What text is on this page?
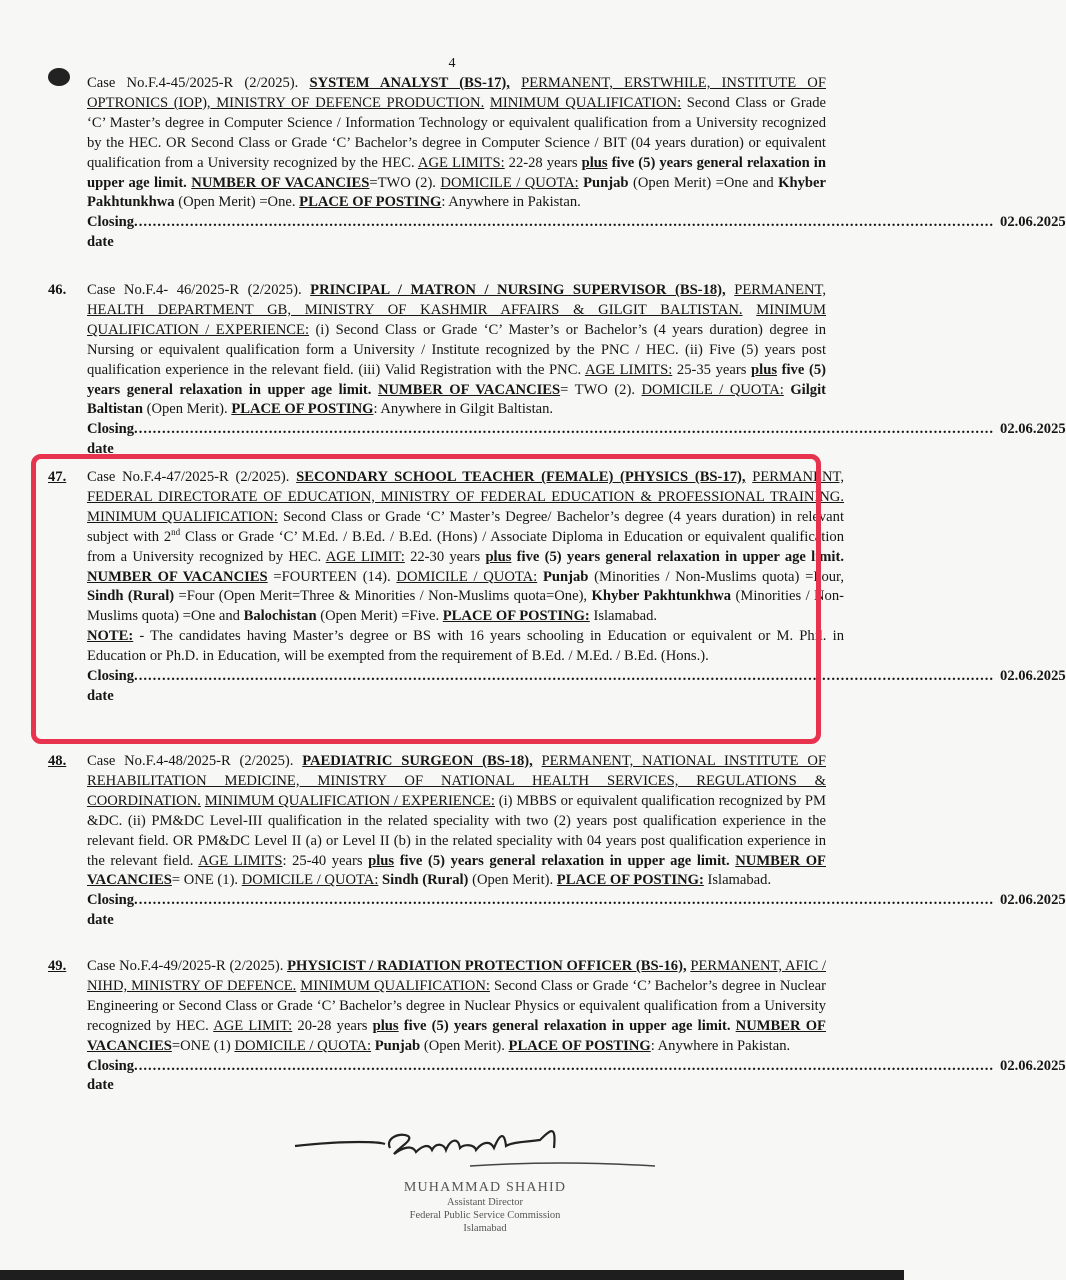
4
Case No.F.4-45/2025-R (2/2025). SYSTEM ANALYST (BS-17), PERMANENT, ERSTWHILE, INSTITUTE OF OPTRONICS (IOP), MINISTRY OF DEFENCE PRODUCTION. MINIMUM QUALIFICATION: Second Class or Grade ‘C’ Master’s degree in Computer Science / Information Technology or equivalent qualification from a University recognized by the HEC. OR Second Class or Grade ‘C’ Bachelor’s degree in Computer Science / BIT (04 years duration) or equivalent qualification from a University recognized by the HEC. AGE LIMITS: 22-28 years plus five (5) years general relaxation in upper age limit. NUMBER OF VACANCIES=TWO (2). DOMICILE / QUOTA: Punjab (Open Merit) =One and Khyber Pakhtunkhwa (Open Merit) =One. PLACE OF POSTING: Anywhere in Pakistan.
Closing date
......................................................................................................................................................................................... 02.06.2025
46. Case No.F.4- 46/2025-R (2/2025). PRINCIPAL / MATRON / NURSING SUPERVISOR (BS-18), PERMANENT, HEALTH DEPARTMENT GB, MINISTRY OF KASHMIR AFFAIRS & GILGIT BALTISTAN. MINIMUM QUALIFICATION / EXPERIENCE: (i) Second Class or Grade ‘C’ Master’s or Bachelor’s (4 years duration) degree in Nursing or equivalent qualification form a University / Institute recognized by the PNC / HEC. (ii) Five (5) years post qualification experience in the relevant field. (iii) Valid Registration with the PNC. AGE LIMITS: 25-35 years plus five (5) years general relaxation in upper age limit. NUMBER OF VACANCIES= TWO (2). DOMICILE / QUOTA: Gilgit Baltistan (Open Merit). PLACE OF POSTING: Anywhere in Gilgit Baltistan.
Closing date
......................................................................................................................................................................................... 02.06.2025
47. Case No.F.4-47/2025-R (2/2025). SECONDARY SCHOOL TEACHER (FEMALE) (PHYSICS (BS-17), PERMANENT, FEDERAL DIRECTORATE OF EDUCATION, MINISTRY OF FEDERAL EDUCATION & PROFESSIONAL TRAINING. MINIMUM QUALIFICATION: Second Class or Grade ‘C’ Master’s Degree/ Bachelor’s degree (4 years duration) in relevant subject with 2nd Class or Grade ‘C’ M.Ed. / B.Ed. / B.Ed. (Hons) / Associate Diploma in Education or equivalent qualification from a University recognized by HEC. AGE LIMIT: 22-30 years plus five (5) years general relaxation in upper age limit. NUMBER OF VACANCIES =FOURTEEN (14). DOMICILE / QUOTA: Punjab (Minorities / Non-Muslims quota) =Four, Sindh (Rural) =Four (Open Merit=Three & Minorities / Non-Muslims quota=One), Khyber Pakhtunkhwa (Minorities / Non-Muslims quota) =One and Balochistan (Open Merit) =Five. PLACE OF POSTING: Islamabad.
NOTE: - The candidates having Master’s degree or BS with 16 years schooling in Education or equivalent or M. Phil. in Education or Ph.D. in Education, will be exempted from the requirement of B.Ed. / M.Ed. / B.Ed. (Hons.).
Closing date
......................................................................................................................................................................................... 02.06.2025
48. Case No.F.4-48/2025-R (2/2025). PAEDIATRIC SURGEON (BS-18), PERMANENT, NATIONAL INSTITUTE OF REHABILITATION MEDICINE, MINISTRY OF NATIONAL HEALTH SERVICES, REGULATIONS & COORDINATION. MINIMUM QUALIFICATION / EXPERIENCE: (i) MBBS or equivalent qualification recognized by PM &DC. (ii) PM&DC Level-III qualification in the related speciality with two (2) years post qualification experience in the relevant field. OR PM&DC Level II (a) or Level II (b) in the related speciality with 04 years post qualification experience in the relevant field. AGE LIMITS: 25-40 years plus five (5) years general relaxation in upper age limit. NUMBER OF VACANCIES= ONE (1). DOMICILE / QUOTA: Sindh (Rural) (Open Merit). PLACE OF POSTING: Islamabad.
Closing date
......................................................................................................................................................................................... 02.06.2025
49. Case No.F.4-49/2025-R (2/2025). PHYSICIST / RADIATION PROTECTION OFFICER (BS-16), PERMANENT, AFIC / NIHD, MINISTRY OF DEFENCE. MINIMUM QUALIFICATION: Second Class or Grade ‘C’ Bachelor’s degree in Nuclear Engineering or Second Class or Grade ‘C’ Bachelor’s degree in Nuclear Physics or equivalent qualification from a University recognized by HEC. AGE LIMIT: 20-28 years plus five (5) years general relaxation in upper age limit. NUMBER OF VACANCIES=ONE (1) DOMICILE / QUOTA: Punjab (Open Merit). PLACE OF POSTING: Anywhere in Pakistan.
Closing date
......................................................................................................................................................................................... 02.06.2025
MUHAMMAD SHAHID
Assistant Director
Federal Public Service Commission
Islamabad
